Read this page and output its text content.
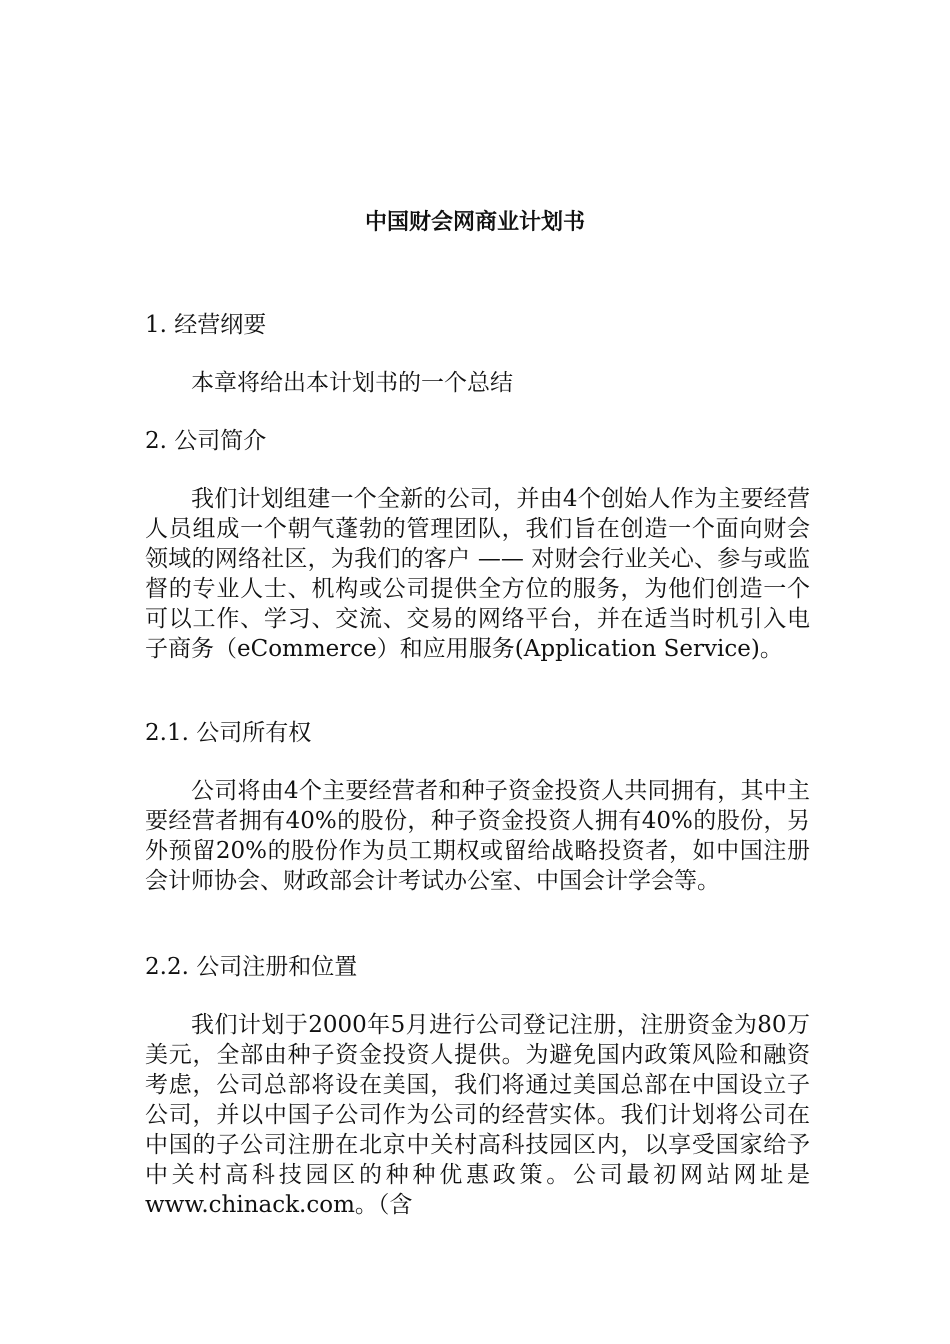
中国财会网商业计划书
1. 经营纲要

本章将给出本计划书的一个总结

2. 公司简介

我们计划组建一个全新的公司，并由4个创始人作为主要经营人员组成一个朝气蓬勃的管理团队，我们旨在创造一个面向财会领域的网络社区，为我们的客户 —— 对财会行业关心、参与或监督的专业人士、机构或公司提供全方位的服务，为他们创造一个可以工作、学习、交流、交易的网络平台，并在适当时机引入电子商务（eCommerce）和应用服务(Application Service)。

2.1. 公司所有权

公司将由4个主要经营者和种子资金投资人共同拥有，其中主要经营者拥有40%的股份，种子资金投资人拥有40%的股份，另外预留20%的股份作为员工期权或留给战略投资者，如中国注册会计师协会、财政部会计考试办公室、中国会计学会等。

2.2. 公司注册和位置

我们计划于2000年5月进行公司登记注册，注册资金为80万美元，全部由种子资金投资人提供。为避免国内政策风险和融资考虑，公司总部将设在美国，我们将通过美国总部在中国设立子公司，并以中国子公司作为公司的经营实体。我们计划将公司在中国的子公司注册在北京中关村高科技园区内，以享受国家给予中关村高科技园区的种种优惠政策。公司最初网站网址是www.chinack.com。（含
